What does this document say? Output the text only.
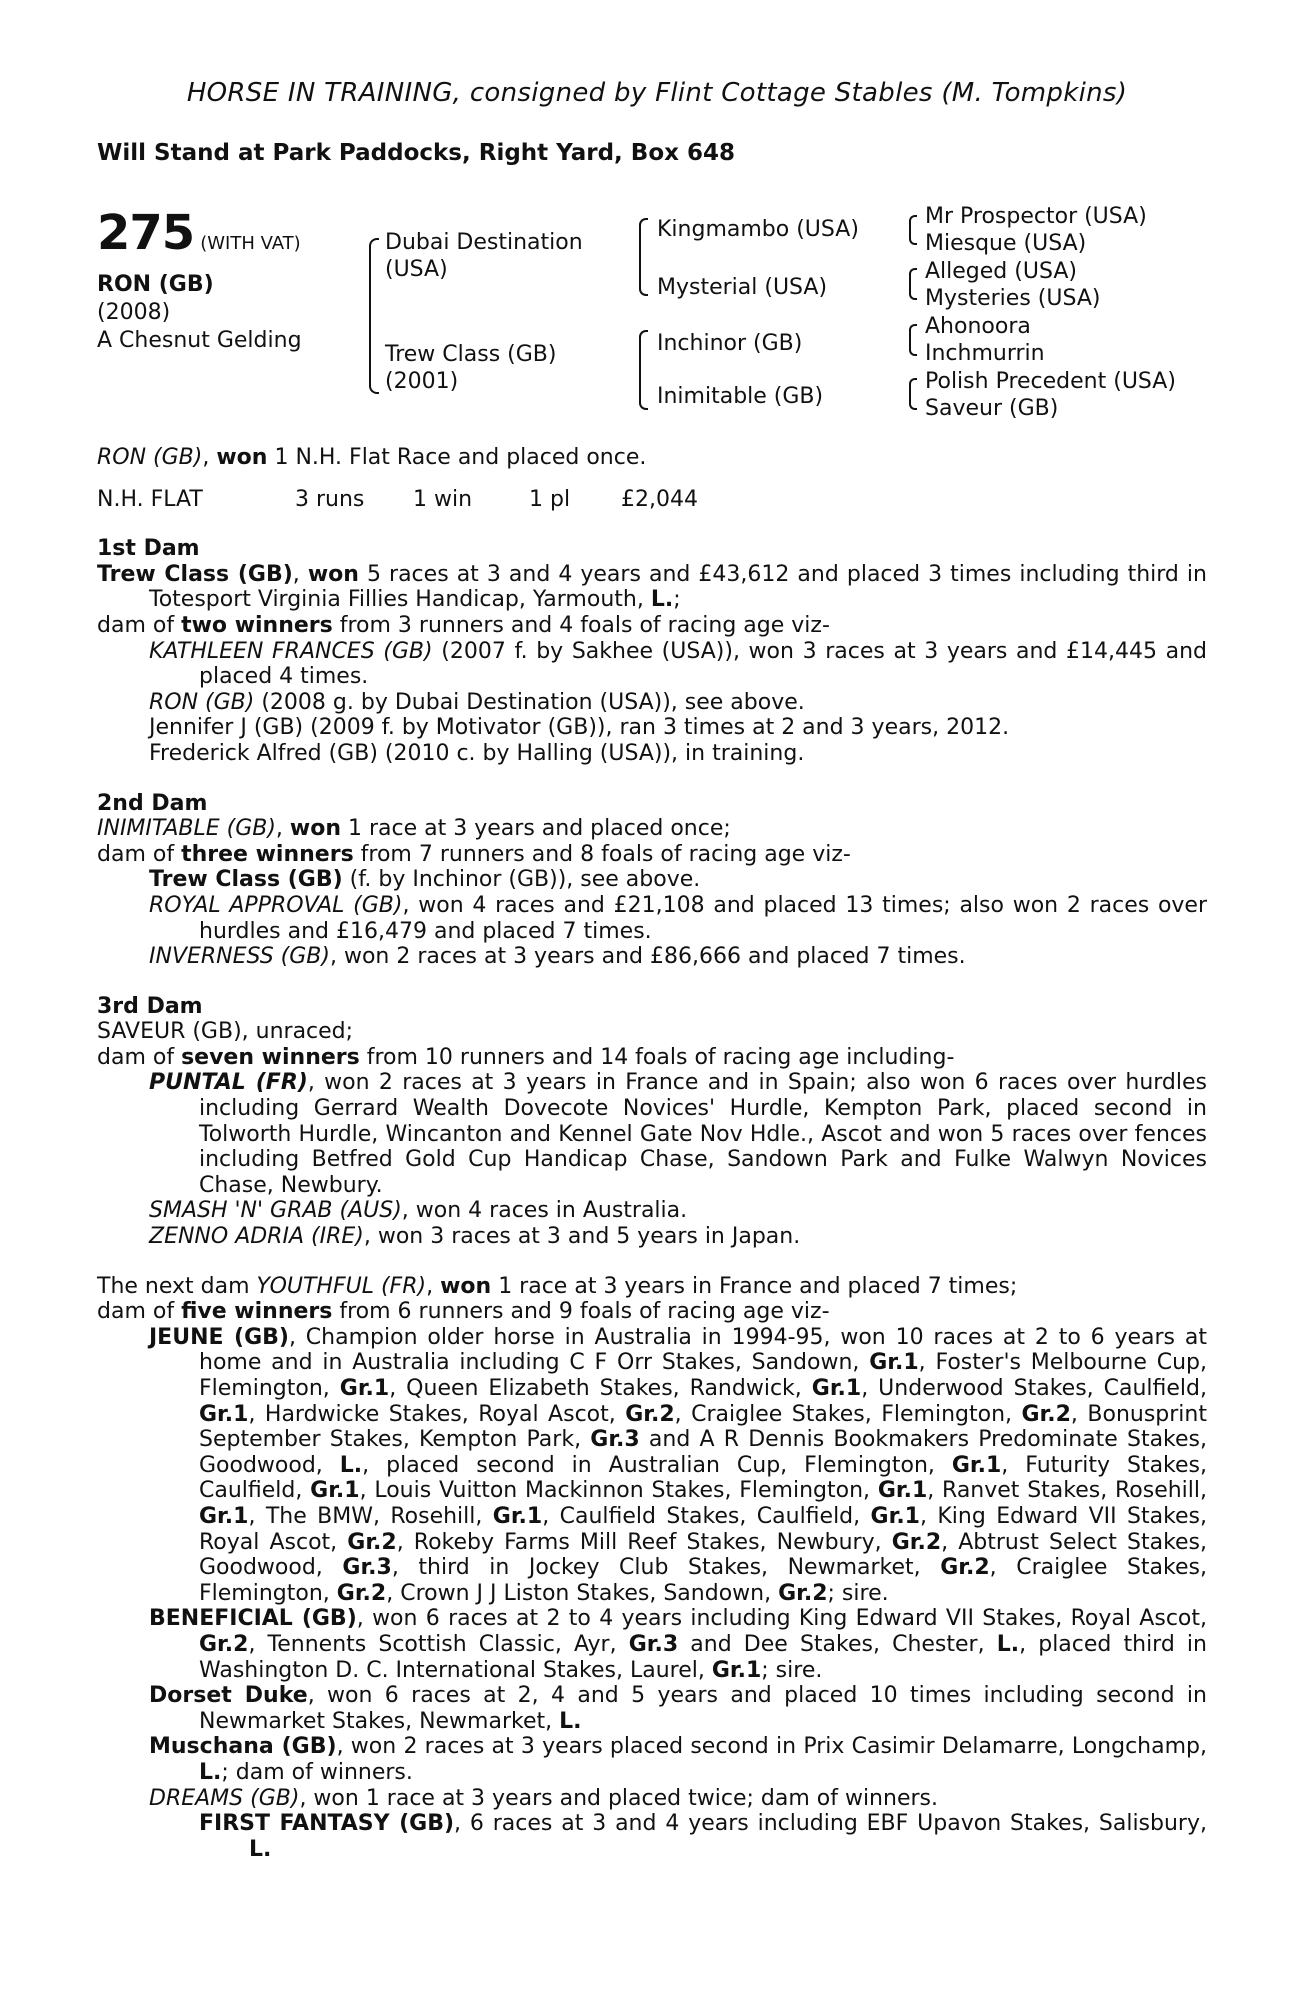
HORSE IN TRAINING, consigned by Flint Cottage Stables (M. Tompkins)
Will Stand at Park Paddocks, Right Yard, Box 648
275 (WITH VAT)
RON (GB)
(2008)
A Chesnut Gelding
Dubai Destination
(USA)
Trew Class (GB)
(2001)
Kingmambo (USA)
Mysterial (USA)
Inchinor (GB)
Inimitable (GB)
Mr Prospector (USA)
Miesque (USA)
Alleged (USA)
Mysteries (USA)
Ahonoora
Inchmurrin
Polish Precedent (USA)
Saveur (GB)

RON (GB), won 1 N.H. Flat Race and placed once.

N.H. FLAT	3 runs 1 win	1 pl £2,044

1st Dam

Trew Class (GB), won 5 races at 3 and 4 years and £43,612 and placed 3 times including third in Totesport Virginia Fillies Handicap, Yarmouth, L.;

dam of two winners from 3 runners and 4 foals of racing age viz-

KATHLEEN FRANCES (GB) (2007 f. by Sakhee (USA)), won 3 races at 3 years and £14,445 and placed 4 times.

RON (GB) (2008 g. by Dubai Destination (USA)), see above.

Jennifer J (GB) (2009 f. by Motivator (GB)), ran 3 times at 2 and 3 years, 2012.

Frederick Alfred (GB) (2010 c. by Halling (USA)), in training.

2nd Dam

INIMITABLE (GB), won 1 race at 3 years and placed once;

dam of three winners from 7 runners and 8 foals of racing age viz-

Trew Class (GB) (f. by Inchinor (GB)), see above.

ROYAL APPROVAL (GB), won 4 races and £21,108 and placed 13 times; also won 2 races over hurdles and £16,479 and placed 7 times.

INVERNESS (GB), won 2 races at 3 years and £86,666 and placed 7 times.

3rd Dam

SAVEUR (GB), unraced;

dam of seven winners from 10 runners and 14 foals of racing age including-

PUNTAL (FR), won 2 races at 3 years in France and in Spain; also won 6 races over hurdles including Gerrard Wealth Dovecote Novices' Hurdle, Kempton Park, placed second in Tolworth Hurdle, Wincanton and Kennel Gate Nov Hdle., Ascot and won 5 races over fences including Betfred Gold Cup Handicap Chase, Sandown Park and Fulke Walwyn Novices Chase, Newbury.

SMASH 'N' GRAB (AUS), won 4 races in Australia.

ZENNO ADRIA (IRE), won 3 races at 3 and 5 years in Japan.

The next dam YOUTHFUL (FR), won 1 race at 3 years in France and placed 7 times;

dam of five winners from 6 runners and 9 foals of racing age viz-

JEUNE (GB), Champion older horse in Australia in 1994-95, won 10 races at 2 to 6 years at home and in Australia including C F Orr Stakes, Sandown, Gr.1, Foster's Melbourne Cup, Flemington, Gr.1, Queen Elizabeth Stakes, Randwick, Gr.1, Underwood Stakes, Caulfield, Gr.1, Hardwicke Stakes, Royal Ascot, Gr.2, Craiglee Stakes, Flemington, Gr.2, Bonusprint September Stakes, Kempton Park, Gr.3 and A R Dennis Bookmakers Predominate Stakes, Goodwood, L., placed second in Australian Cup, Flemington, Gr.1, Futurity Stakes, Caulfield, Gr.1, Louis Vuitton Mackinnon Stakes, Flemington, Gr.1, Ranvet Stakes, Rosehill, Gr.1, The BMW, Rosehill, Gr.1, Caulfield Stakes, Caulfield, Gr.1, King Edward VII Stakes, Royal Ascot, Gr.2, Rokeby Farms Mill Reef Stakes, Newbury, Gr.2, Abtrust Select Stakes, Goodwood, Gr.3, third in Jockey Club Stakes, Newmarket, Gr.2, Craiglee Stakes, Flemington, Gr.2, Crown J J Liston Stakes, Sandown, Gr.2; sire.

BENEFICIAL (GB), won 6 races at 2 to 4 years including King Edward VII Stakes, Royal Ascot, Gr.2, Tennents Scottish Classic, Ayr, Gr.3 and Dee Stakes, Chester, L., placed third in Washington D. C. International Stakes, Laurel, Gr.1; sire.

Dorset Duke, won 6 races at 2, 4 and 5 years and placed 10 times including second in Newmarket Stakes, Newmarket, L.

Muschana (GB), won 2 races at 3 years placed second in Prix Casimir Delamarre, Longchamp, L.; dam of winners.

DREAMS (GB), won 1 race at 3 years and placed twice; dam of winners.

FIRST FANTASY (GB), 6 races at 3 and 4 years including EBF Upavon Stakes, Salisbury, L.
